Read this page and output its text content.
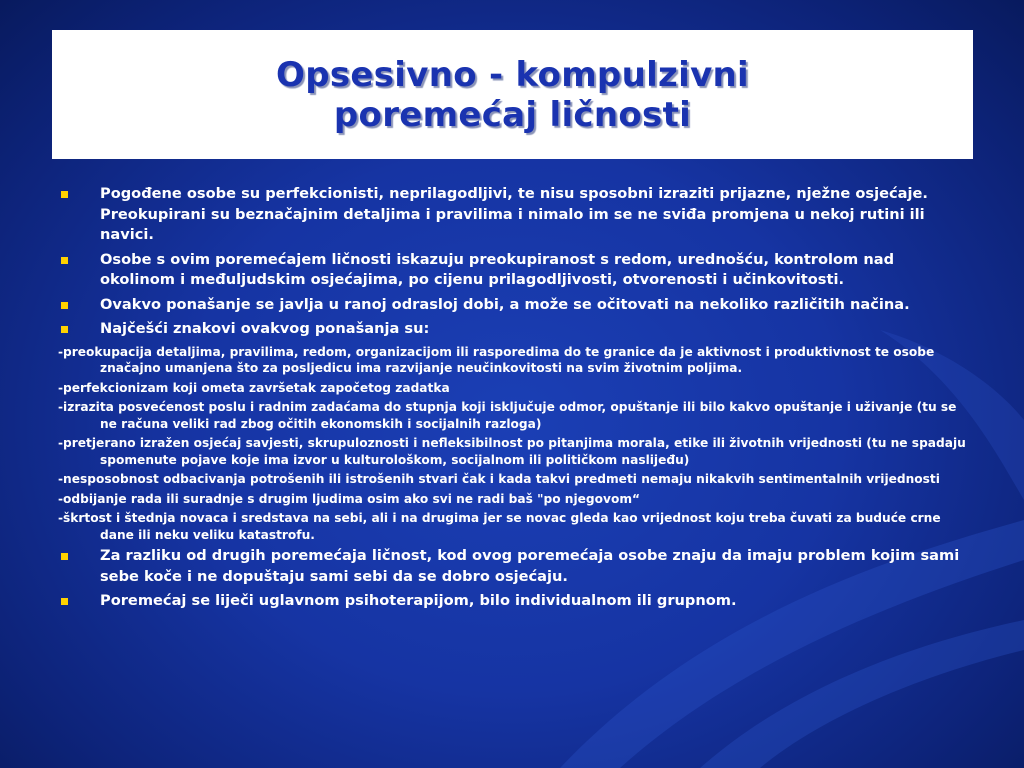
Opsesivno - kompulzivni
poremećaj ličnosti
Pogođene osobe su perfekcionisti, neprilagodljivi, te nisu sposobni izraziti prijazne, nježne osjećaje. Preokupirani su beznačajnim detaljima i pravilima i nimalo im se ne sviđa promjena u nekoj rutini ili navici.
Osobe s ovim poremećajem ličnosti iskazuju preokupiranost s redom, urednošću, kontrolom nad okolinom i međuljudskim osjećajima, po cijenu prilagodljivosti, otvorenosti i učinkovitosti.
Ovakvo ponašanje se javlja u ranoj odrasloj dobi, a može se očitovati na nekoliko različitih načina.
Najčešći znakovi ovakvog ponašanja su:
-preokupacija detaljima, pravilima, redom, organizacijom ili rasporedima do te granice da je aktivnost i produktivnost te osobe značajno umanjena što za posljedicu ima razvijanje neučinkovitosti na svim životnim poljima.
-perfekcionizam koji ometa završetak započetog zadatka
-izrazita posvećenost poslu i radnim zadaćama do stupnja koji isključuje odmor, opuštanje ili bilo kakvo opuštanje i uživanje (tu se ne računa veliki rad zbog očitih ekonomskih i socijalnih razloga)
-pretjerano izražen osjećaj savjesti, skrupuloznosti i nefleksibilnost po pitanjima morala, etike ili životnih vrijednosti (tu ne spadaju spomenute pojave koje ima izvor u kulturološkom, socijalnom ili političkom naslijeđu)
-nesposobnost odbacivanja potrošenih ili istrošenih stvari čak i kada takvi predmeti nemaju nikakvih sentimentalnih vrijednosti
-odbijanje rada ili suradnje s drugim ljudima osim ako svi ne radi baš "po njegovom“
-škrtost i štednja novaca i sredstava na sebi, ali i na drugima jer se novac gleda kao vrijednost koju treba čuvati za buduće crne dane ili neku veliku katastrofu.
Za razliku od drugih poremećaja ličnost, kod ovog poremećaja osobe znaju da imaju problem kojim sami sebe koče i ne dopuštaju sami sebi da se dobro osjećaju.
Poremećaj se liječi uglavnom psihoterapijom, bilo individualnom ili grupnom.
